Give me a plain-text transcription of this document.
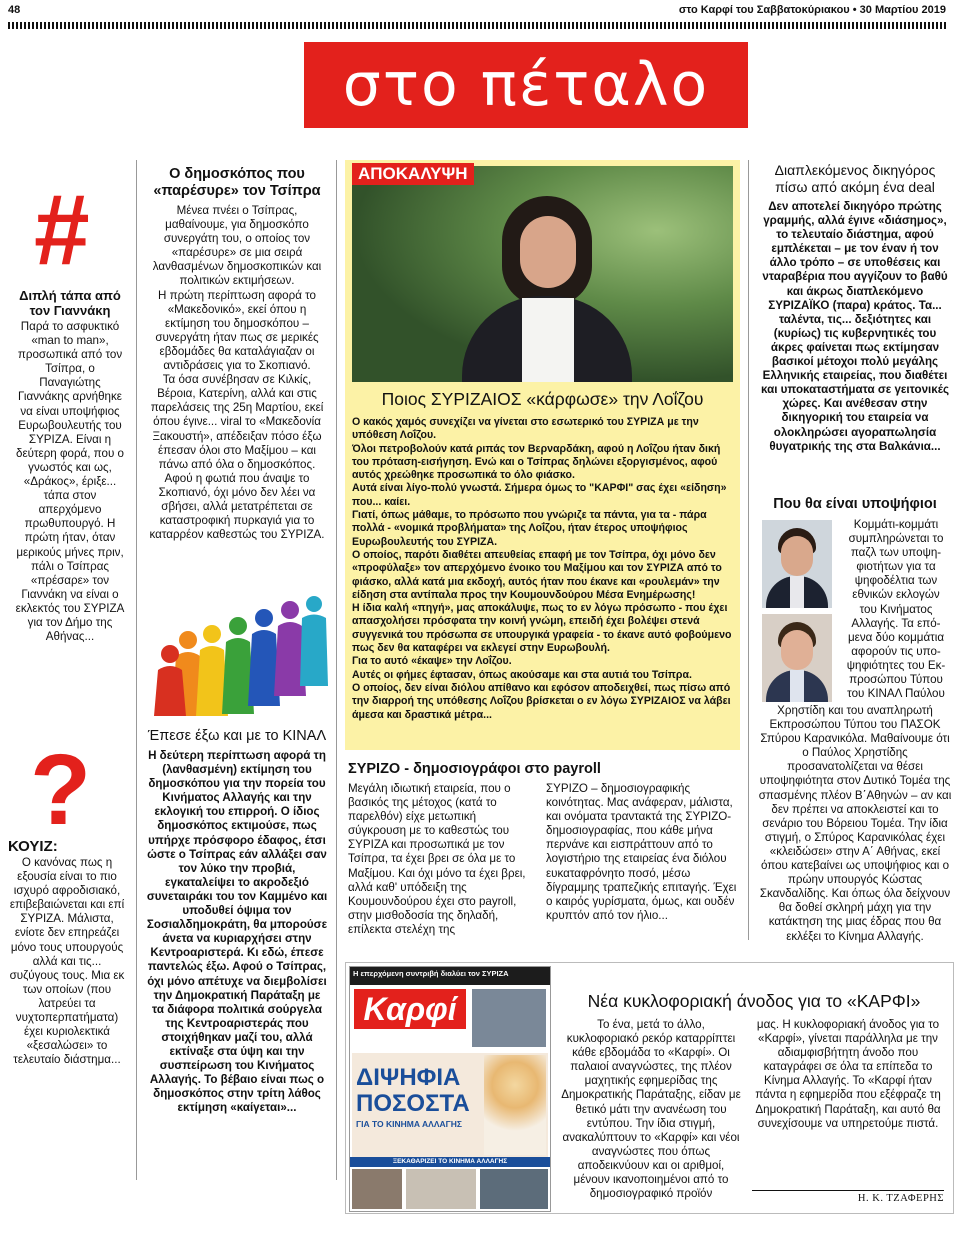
48	στο Καρφί του Σαββατοκύριακου • 30 Μαρτίου 2019
στο πέταλο
#
Διπλή τάπα από τον Γιαννάκη

Παρά το ασφυκτικό «man to man», προσωπικά από τον Τσίπρα, ο Παναγιώτης Γιαννάκης αρνήθηκε να είναι υποψήφιος Ευρωβουλευτής του ΣΥΡΙΖΑ. Είναι η δεύτερη φορά, που ο γνωστός και ως, «Δράκος», έριξε... τάπα στον απερχόμενο πρωθυπουργό. Η πρώτη ήταν, όταν μερικούς μήνες πριν, πάλι ο Τσίπρας «πρέσαρε» τον Γιαννάκη να είναι ο εκλεκτός του ΣΥΡΙΖΑ για τον Δήμο της Αθήνας...

?
ΚΟΥΙΖ:

Ο κανόνας πως η εξουσία είναι το πιο ισχυρό αφροδισιακό, επιβεβαιώνεται και επί ΣΥΡΙΖΑ. Μάλιστα, ενίοτε δεν επηρεάζει μόνο τους υπουργούς αλλά και τις... συζύγους τους. Μια εκ των οποίων (που λατρεύει τα νυχτοπερπατήματα) έχει κυριολεκτικά «ξεσαλώσει» το τελευταίο διάστημα...

Ο δημοσκόπος που «παρέσυρε» τον Τσίπρα

Μένεα πνέει ο Τσίπρας, μαθαίνουμε, για δημοσκόπο συνεργάτη του, ο οποίος τον «παρέσυρε» σε μια σειρά λανθασμένων δημοσκοπικών και πολιτικών εκτιμήσεων.

Η πρώτη περίπτωση αφορά το «Μακεδονικό», εκεί όπου η εκτίμηση του δημοσκόπου – συνεργάτη ήταν πως σε μερικές εβδομάδες θα καταλάγιαζαν οι αντιδράσεις για το Σκοπιανό.

Τα όσα συνέβησαν σε Κιλκίς, Βέροια, Κατερίνη, αλλά και στις παρελάσεις της 25η Μαρτίου, εκεί όπου έγινε... viral το «Μακεδονία Ξακουστή», απέδειξαν πόσο έξω έπεσαν όλοι στο Μαξίμου – και πάνω από όλα ο δημοσκόπος.

Αφού η φωτιά που άναψε το Σκοπιανό, όχι μόνο δεν λέει να σβήσει, αλλά μετατρέπεται σε καταστροφική πυρκαγιά για το καταρρέον καθεστώς του ΣΥΡΙΖΑ.

Έπεσε έξω και με το ΚΙΝΑΛ

Η δεύτερη περίπτωση αφορά τη (λανθασμένη) εκτίμηση του δημοσκόπου για την πορεία του Κινήματος Αλλαγής και την εκλογική του επιρροή. Ο ίδιος δημοσκόπος εκτιμούσε, πως υπήρχε πρόσφορο έδαφος, έτσι ώστε ο Τσίπρας εάν αλλάξει σαν τον λύκο την προβιά, εγκαταλείψει το ακροδεξιό συνεταιράκι του τον Καμμένο και υποδυθεί όψιμα τον Σοσιαλδημοκράτη, θα μπορούσε άνετα να κυριαρχήσει στην Κεντροαριστερά. Κι εδώ, έπεσε παντελώς έξω. Αφού ο Τσίπρας, όχι μόνο απέτυχε να διεμβολίσει την Δημοκρατική Παράταξη με τα διάφορα πολιτικά σούργελα της Κεντροαριστεράς που στοιχήθηκαν μαζί του, αλλά εκτίναξε στα ύψη και την συσπείρωση του Κινήματος Αλλαγής. Το βέβαιο είναι πως ο δημοσκόπος στην τρίτη λάθος εκτίμηση «καίγεται»...

ΑΠΟΚΑΛΥΨΗ
Ποιος ΣΥΡΙΖΑΙΟΣ «κάρφωσε» την Λοΐζου

Ο κακός χαμός συνεχίζει να γίνεται στο εσωτερικό του ΣΥΡΙΖΑ με την υπόθεση Λοΐζου.

Όλοι πετροβολούν κατά ριπάς τον Βερναρδάκη, αφού η Λοΐζου ήταν δική του πρόταση-εισήγηση. Ενώ και ο Τσίπρας δηλώνει εξοργισμένος, αφού αυτός χρεώθηκε προσωπικά το όλο φιάσκο.

Αυτά είναι λίγο-πολύ γνωστά. Σήμερα όμως το "ΚΑΡΦΙ" σας έχει «είδηση» που... καίει.

Γιατί, όπως μάθαμε, το πρόσωπο που γνώριζε τα πάντα, για τα - πάρα πολλά - «νομικά προβλήματα» της Λοΐζου, ήταν έτερος υποψήφιος Ευρωβουλευτής του ΣΥΡΙΖΑ.

Ο οποίος, παρότι διαθέτει απευθείας επαφή με τον Τσίπρα, όχι μόνο δεν «προφύλαξε» τον απερχόμενο ένοικο του Μαξίμου και τον ΣΥΡΙΖΑ από το φιάσκο, αλλά κατά μια εκδοχή, αυτός ήταν που έκανε και «ρουλεμάν» την είδηση στα αντίπαλα προς την Κουμουνδούρου Μέσα Ενημέρωσης!

Η ίδια καλή «πηγή», μας αποκάλυψε, πως το εν λόγω πρόσωπο - που έχει απασχολήσει πρόσφατα την κοινή γνώμη, επειδή έχει βολέψει στενά συγγενικά του πρόσωπα σε υπουργικά γραφεία - το έκανε αυτό φοβούμενο πως δεν θα καταφέρει να εκλεγεί στην Ευρωβουλή.

Για το αυτό «έκαψε» την Λοΐζου.

Αυτές οι φήμες έφτασαν, όπως ακούσαμε και στα αυτιά του Τσίπρα.

Ο οποίος, δεν είναι διόλου απίθανο και εφόσον αποδειχθεί, πως πίσω από την διαρροή της υπόθεσης Λοΐζου βρίσκεται ο εν λόγω ΣΥΡΙΖΑΙΟΣ να λάβει άμεσα και δραστικά μέτρα...

ΣΥΡΙΖΟ - δημοσιογράφοι στο payroll
Μεγάλη ιδιωτική εταιρεία, που ο βασικός της μέτοχος (κατά το παρελθόν) είχε μετωπική σύγκρουση με το καθεστώς του ΣΥΡΙΖΑ και προσωπικά με τον Τσίπρα, τα έχει βρει σε όλα με το Μαξίμου. Και όχι μόνο τα έχει βρει, αλλά καθ' υπόδειξη της Κουμουνδούρου έχει στο payroll, στην μισθοδοσία της δηλαδή, επίλεκτα στελέχη της
ΣΥΡΙΖΟ – δημοσιογραφικής κοινότητας. Μας ανάφεραν, μάλιστα, και ονόματα τραντακτά της ΣΥΡΙΖΟ-δημοσιογραφίας, που κάθε μήνα περνάνε και εισπράττουν από το λογιστήριο της εταιρείας ένα διόλου ευκαταφρόνητο ποσό, μέσω δίγραμμης τραπεζικής επιταγής. Έχει ο καιρός γυρίσματα, όμως, και ουδέν κρυπτόν από τον ήλιο...
Διαπλεκόμενος δικηγόρος πίσω από ακόμη ένα deal

Δεν αποτελεί δικηγόρο πρώτης γραμμής, αλλά έγινε «διάσημος», το τελευταίο διάστημα, αφού εμπλέκεται – με τον έναν ή τον άλλο τρόπο – σε υποθέσεις και νταραβέρια που αγγίζουν το βαθύ και άκρως διαπλεκόμενο ΣΥΡΙΖΑΪΚΟ (παρα) κράτος. Τα... ταλέντα, τις... δεξιότητες και (κυρίως) τις κυβερνητικές του άκρες φαίνεται πως εκτίμησαν βασικοί μέτοχοι πολύ μεγάλης Ελληνικής εταιρείας, που διαθέτει και υποκαταστήματα σε γειτονικές χώρες. Και ανέθεσαν στην δικηγορική του εταιρεία να ολοκληρώσει αγοραπωλησία θυγατρικής της στα Βαλκάνια...

Που θα είναι υποψήφιοι
Κομμάτι-κομμάτι
συμπληρώνεται το
παζλ των υποψη-
φιοτήτων για τα
ψηφοδέλτια των
εθνικών εκλογών
του Κινήματος
Αλλαγής. Τα επό-
μενα δύο κομμάτια
αφορούν τις υπο-
ψηφιότητες του Εκ-
προσώπου Τύπου
του ΚΙΝΑΛ Παύλου
Χρηστίδη και του αναπληρωτή Εκπροσώπου Τύπου του ΠΑΣΟΚ Σπύρου Καρανικόλα. Μαθαίνουμε ότι ο Παύλος Χρηστίδης προσανατολίζεται να θέσει υποψηφιότητα στον Δυτικό Τομέα της σπασμένης πλέον Β΄Αθηνών – αν και δεν πρέπει να αποκλειστεί και το σενάριο του Βόρειου Τομέα. Την ίδια στιγμή, ο Σπύρος Καρανικόλας έχει «κλειδώσει» στην Α΄ Αθήνας, εκεί όπου κατεβαίνει ως υποψήφιος και ο πρώην υπουργός Κώστας Σκανδαλίδης. Και όπως όλα δείχνουν θα δοθεί σκληρή μάχη για την κατάκτηση της μιας έδρας που θα εκλέξει το Κίνημα Αλλαγής.
Η επερχόμενη συντριβή διαλύει τον ΣΥΡΙΖΑ
Καρφί
ΔΙΨΗΦΙΑ
ΠΟΣΟΣΤΑ
ΓΙΑ ΤΟ ΚΙΝΗΜΑ ΑΛΛΑΓΗΣ
ΞΕΚΑΘΑΡΙΖΕΙ ΤΟ ΚΙΝΗΜΑ ΑΛΛΑΓΗΣ
Νέα κυκλοφοριακή άνοδος για το «ΚΑΡΦΙ»
Το ένα, μετά το άλλο, κυκλοφοριακό ρεκόρ καταρρίπτει κάθε εβδομάδα το «Καρφί». Οι παλαιοί αναγνώστες, της πλέον μαχητικής εφημερίδας της Δημοκρατικής Παράταξης, είδαν με θετικό μάτι την ανανέωση του εντύπου. Την ίδια στιγμή, ανακαλύπτουν το «Καρφί» και νέοι αναγνώστες που όπως αποδεικνύουν και οι αριθμοί, μένουν ικανοποιημένοι από το δημοσιογραφικό προϊόν
μας. Η κυκλοφοριακή άνοδος για το «Καρφί», γίνεται παράλληλα με την αδιαμφισβήτητη άνοδο που καταγράφει σε όλα τα επίπεδα το Κίνημα Αλλαγής. Το «Καρφί ήταν πάντα η εφημερίδα που εξέφραζε τη Δημοκρατική Παράταξη, και αυτό θα συνεχίσουμε να υπηρετούμε πιστά.
Η. Κ. ΤΖΑΦΕΡΗΣ
